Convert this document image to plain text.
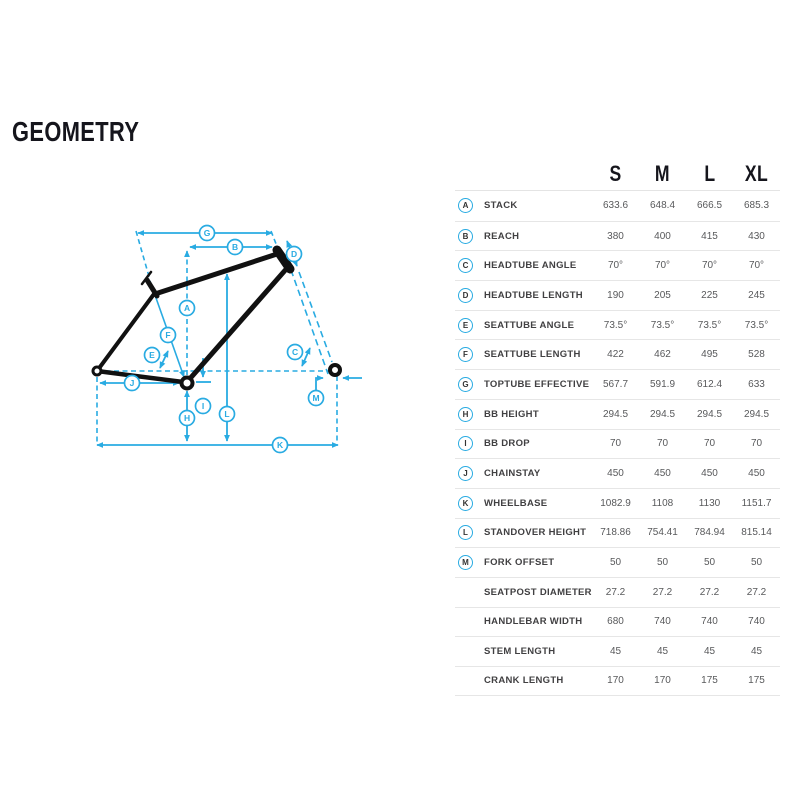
GEOMETRY
A
B
C
D
E
F
G
H
I
J
K
L
M
S	M	L	XL
A	STACK	633.6	648.4	666.5	685.3
B	REACH	380	400	415	430
C	HEADTUBE ANGLE	70°	70°	70°	70°
D	HEADTUBE LENGTH	190	205	225	245
E	SEATTUBE ANGLE	73.5°	73.5°	73.5°	73.5°
F	SEATTUBE LENGTH	422	462	495	528
G	TOPTUBE EFFECTIVE	567.7	591.9	612.4	633
H	BB HEIGHT	294.5	294.5	294.5	294.5
I	BB DROP	70	70	70	70
J	CHAINSTAY	450	450	450	450
K	WHEELBASE	1082.9	1108	1130	1151.7
L	STANDOVER HEIGHT	718.86	754.41	784.94	815.14
M	FORK OFFSET	50	50	50	50
SEATPOST DIAMETER	27.2	27.2	27.2	27.2
HANDLEBAR WIDTH	680	740	740	740
STEM LENGTH	45	45	45	45
CRANK LENGTH	170	170	175	175
